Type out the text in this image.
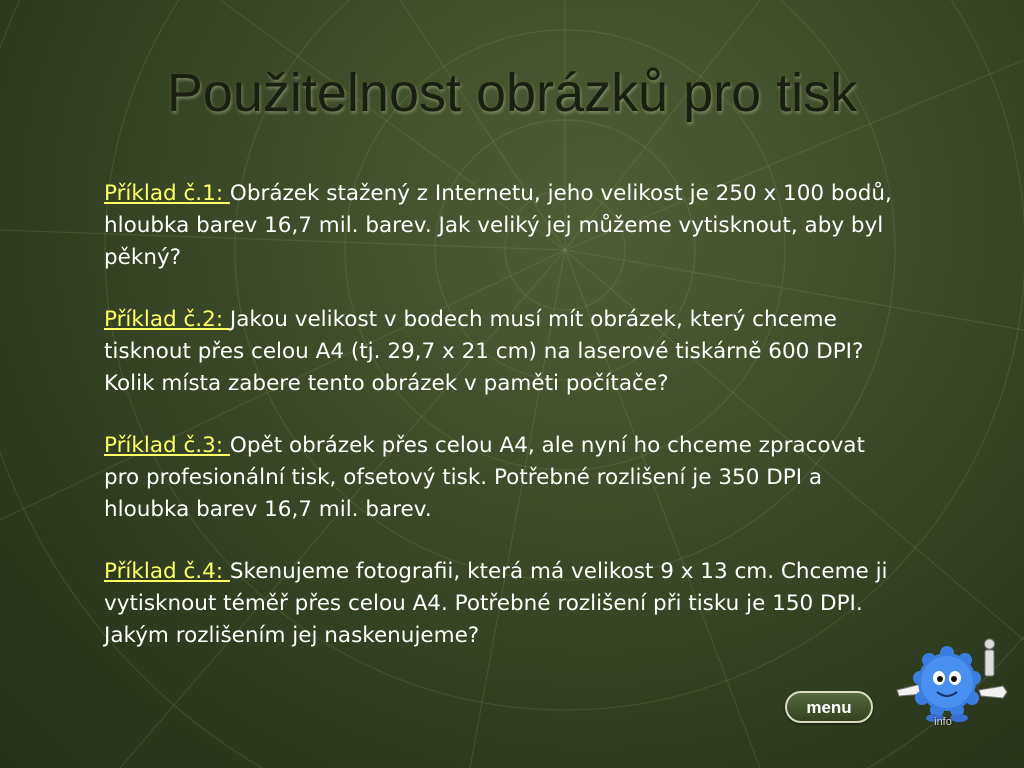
Použitelnost obrázků pro tisk

Příklad č.1: Obrázek stažený z Internetu, jeho velikost je 250 x 100 bodů, hloubka barev 16,7 mil. barev. Jak veliký jej můžeme vytisknout, aby byl pěkný?

Příklad č.2: Jakou velikost v bodech musí mít obrázek, který chceme tisknout přes celou A4 (tj. 29,7 x 21 cm) na laserové tiskárně 600 DPI? Kolik místa zabere tento obrázek v paměti počítače?

Příklad č.3: Opět obrázek přes celou A4, ale nyní ho chceme zpracovat pro profesionální tisk, ofsetový tisk. Potřebné rozlišení je 350 DPI a hloubka barev 16,7 mil. barev.

Příklad č.4: Skenujeme fotografii, která má velikost 9 x 13 cm. Chceme ji vytisknout téměř přes celou A4. Potřebné rozlišení při tisku je 150 DPI. Jakým rozlišením jej naskenujeme?

menu
info
